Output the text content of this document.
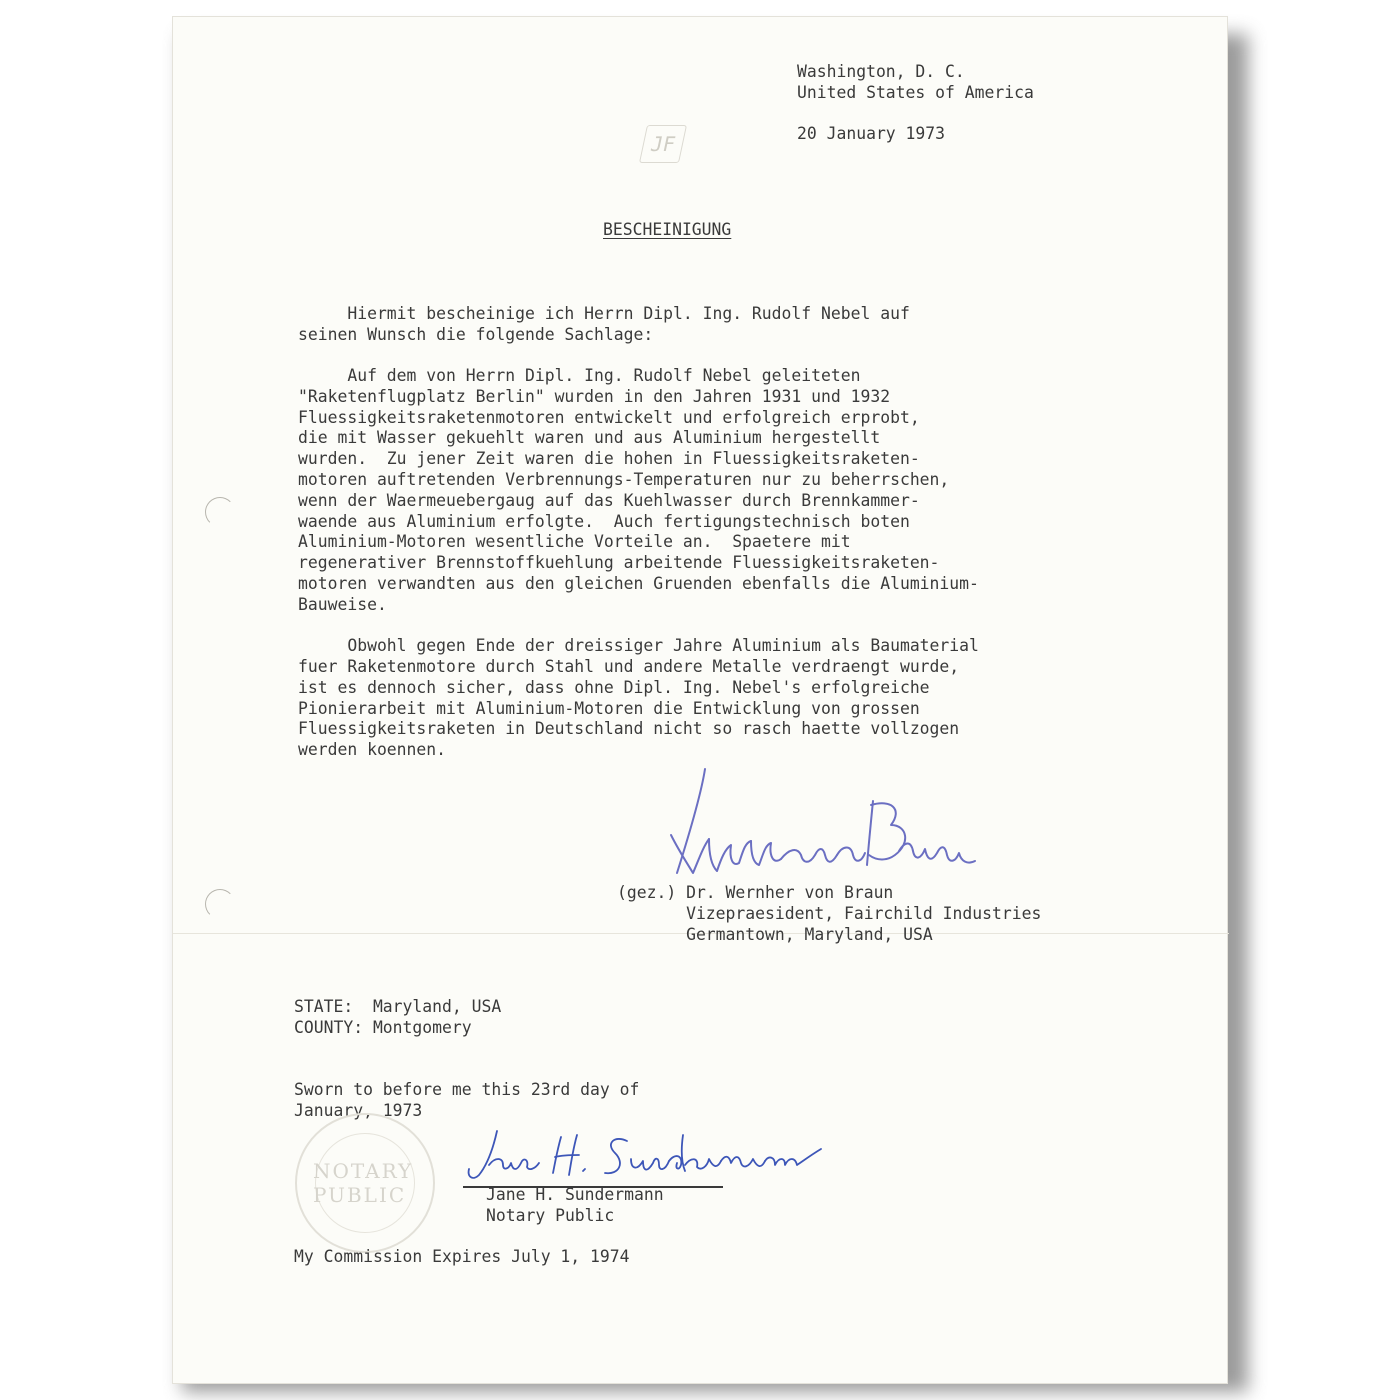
JF

Washington, D. C.

United States of America

20 January 1973

BESCHEINIGUNG

Hiermit bescheinige ich Herrn Dipl. Ing. Rudolf Nebel auf

seinen Wunsch die folgende Sachlage:

Auf dem von Herrn Dipl. Ing. Rudolf Nebel geleiteten

"Raketenflugplatz Berlin" wurden in den Jahren 1931 und 1932

Fluessigkeitsraketenmotoren entwickelt und erfolgreich erprobt,

die mit Wasser gekuehlt waren und aus Aluminium hergestellt

wurden.  Zu jener Zeit waren die hohen in Fluessigkeitsraketen-

motoren auftretenden Verbrennungs-Temperaturen nur zu beherrschen,

wenn der Waermeuebergaug auf das Kuehlwasser durch Brennkammer-

waende aus Aluminium erfolgte.  Auch fertigungstechnisch boten

Aluminium-Motoren wesentliche Vorteile an.  Spaetere mit

regenerativer Brennstoffkuehlung arbeitende Fluessigkeitsraketen-

motoren verwandten aus den gleichen Gruenden ebenfalls die Aluminium-

Bauweise.

Obwohl gegen Ende der dreissiger Jahre Aluminium als Baumaterial

fuer Raketenmotore durch Stahl und andere Metalle verdraengt wurde,

ist es dennoch sicher, dass ohne Dipl. Ing. Nebel's erfolgreiche

Pionierarbeit mit Aluminium-Motoren die Entwicklung von grossen

Fluessigkeitsraketen in Deutschland nicht so rasch haette vollzogen

werden koennen.

(gez.) Dr. Wernher von Braun

Vizepraesident, Fairchild Industries

Germantown, Maryland, USA

STATE:  Maryland, USA

COUNTY: Montgomery

Sworn to before me this 23rd day of

January, 1973

NOTARY PUBLIC	Jane H. Sundermann

Notary Public

My Commission Expires July 1, 1974
